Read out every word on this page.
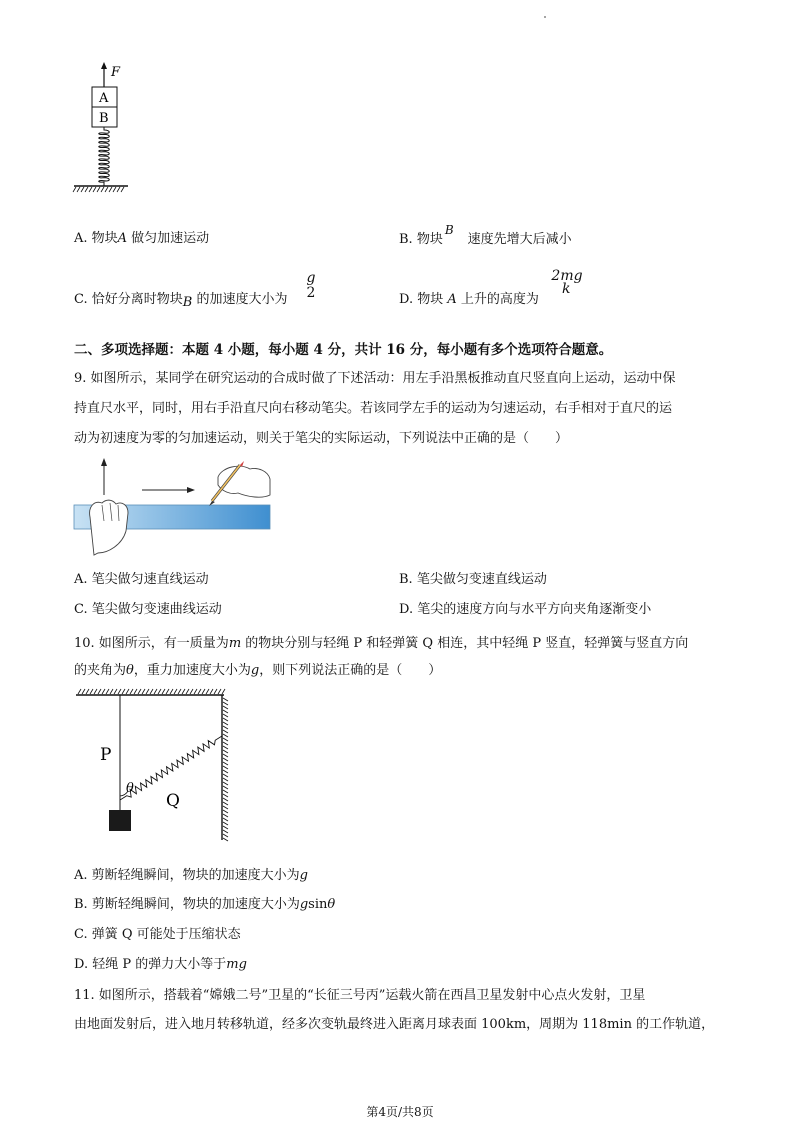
F
A
B
A. 物块A 做匀加速运动	B. 物块B速度先增大后减小
C. 恰好分离时物块B 的加速度大小为
g
2	D. 物块 A 上升的高度为
2mg
k
二、多项选择题：本题 4 小题，每小题 4 分，共计 16 分，每小题有多个选项符合题意。
9. 如图所示，某同学在研究运动的合成时做了下述活动：用左手沿黑板推动直尺竖直向上运动，运动中保
持直尺水平，同时，用右手沿直尺向右移动笔尖。若该同学左手的运动为匀速运动，右手相对于直尺的运
动为初速度为零的匀加速运动，则关于笔尖的实际运动，下列说法中正确的是（　　）
A. 笔尖做匀速直线运动	B. 笔尖做匀变速直线运动
C. 笔尖做匀变速曲线运动	D. 笔尖的速度方向与水平方向夹角逐渐变小
10. 如图所示，有一质量为m 的物块分别与轻绳 P 和轻弹簧 Q 相连，其中轻绳 P 竖直，轻弹簧与竖直方向
的夹角为θ，重力加速度大小为g，则下列说法正确的是（　　）
P
Q
θ
A. 剪断轻绳瞬间，物块的加速度大小为g
B. 剪断轻绳瞬间，物块的加速度大小为gsinθ
C. 弹簧 Q 可能处于压缩状态
D. 轻绳 P 的弹力大小等于mg
11. 如图所示，搭载着“嫦娥二号”卫星的“长征三号丙”运载火箭在西昌卫星发射中心点火发射，卫星
由地面发射后，进入地月转移轨道，经多次变轨最终进入距离月球表面 100km，周期为 118min 的工作轨道，
第4页/共8页
